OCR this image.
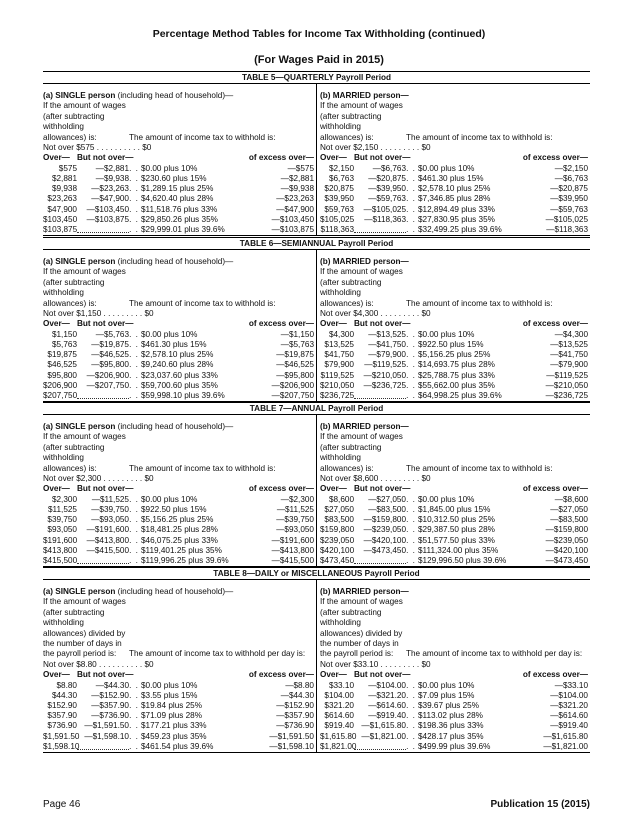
Percentage Method Tables for Income Tax Withholding (continued)
(For Wages Paid in 2015)
TABLE 5—QUARTERLY Payroll Period
(a) SINGLE person (including head of household)—
If the amount of wages (after subtracting withholding allowances) is:	The amount of income tax to withhold is:
Not over $575 . . . . . . . . . . $0
Over— But not over—	of excess over—
$575	—$2,881 . . $0.00 plus 10%	—$575
$2,881	—$9,938 . . $230.60 plus 15%	—$2,881
$9,938	—$23,263 . . $1,289.15 plus 25%	—$9,938
$23,263	—$47,900 . . $4,620.40 plus 28%	—$23,263
$47,900	—$103,450 . . $11,518.76 plus 33%	—$47,900
$103,450	—$103,875 . . $29,850.26 plus 35%	—$103,450
$103,875	. . $29,999.01 plus 39.6%	—$103,875
(b) MARRIED person—
If the amount of wages (after subtracting withholding allowances) is:	The amount of income tax to withhold is:
Not over $2,150 . . . . . . . . . $0
Over— But not over—	of excess over—
$2,150	—$6,763 . . $0.00 plus 10%	—$2,150
$6,763	—$20,875 . . $461.30 plus 15%	—$6,763
$20,875	—$39,950 . . $2,578.10 plus 25%	—$20,875
$39,950	—$59,763 . . $7,346.85 plus 28%	—$39,950
$59,763	—$105,025 . . $12,894.49 plus 33%	—$59,763
$105,025	—$118,363 . . $27,830.95 plus 35%	—$105,025
$118,363	. . $32,499.25 plus 39.6%	—$118,363
TABLE 6—SEMIANNUAL Payroll Period
(a) SINGLE person (including head of household)—
If the amount of wages (after subtracting withholding allowances) is:	The amount of income tax to withhold is:
Not over $1,150 . . . . . . . . . $0
Over— But not over—	of excess over—
$1,150	—$5,763 . . $0.00 plus 10%	—$1,150
$5,763	—$19,875 . . $461.30 plus 15%	—$5,763
$19,875	—$46,525 . . $2,578.10 plus 25%	—$19,875
$46,525	—$95,800 . . $9,240.60 plus 28%	—$46,525
$95,800	—$206,900 . . $23,037.60 plus 33%	—$95,800
$206,900	—$207,750 . . $59,700.60 plus 35%	—$206,900
$207,750	. . $59,998.10 plus 39.6%	—$207,750
(b) MARRIED person—
If the amount of wages (after subtracting withholding allowances) is:	The amount of income tax to withhold is:
Not over $4,300 . . . . . . . . . $0
Over— But not over—	of excess over—
$4,300	—$13,525 . . $0.00 plus 10%	—$4,300
$13,525	—$41,750 . . $922.50 plus 15%	—$13,525
$41,750	—$79,900 . . $5,156.25 plus 25%	—$41,750
$79,900	—$119,525 . . $14,693.75 plus 28%	—$79,900
$119,525	—$210,050 . . $25,788.75 plus 33%	—$119,525
$210,050	—$236,725 . . $55,662.00 plus 35%	—$210,050
$236,725	. . $64,998.25 plus 39.6%	—$236,725
TABLE 7—ANNUAL Payroll Period
(a) SINGLE person (including head of household)—
If the amount of wages (after subtracting withholding allowances) is:	The amount of income tax to withhold is:
Not over $2,300 . . . . . . . . . $0
Over— But not over—	of excess over—
$2,300	—$11,525 . . $0.00 plus 10%	—$2,300
$11,525	—$39,750 . . $922.50 plus 15%	—$11,525
$39,750	—$93,050 . . $5,156.25 plus 25%	—$39,750
$93,050	—$191,600 . . $18,481.25 plus 28%	—$93,050
$191,600	—$413,800 . . $46,075.25 plus 33%	—$191,600
$413,800	—$415,500 . . $119,401.25 plus 35%	—$413,800
$415,500	. . $119,996.25 plus 39.6%	—$415,500
(b) MARRIED person—
If the amount of wages (after subtracting withholding allowances) is:	The amount of income tax to withhold is:
Not over $8,600 . . . . . . . . . $0
Over— But not over—	of excess over—
$8,600	—$27,050 . . $0.00 plus 10%	—$8,600
$27,050	—$83,500 . . $1,845.00 plus 15%	—$27,050
$83,500	—$159,800 . . $10,312.50 plus 25%	—$83,500
$159,800	—$239,050 . . $29,387.50 plus 28%	—$159,800
$239,050	—$420,100 . . $51,577.50 plus 33%	—$239,050
$420,100	—$473,450 . . $111,324.00 plus 35%	—$420,100
$473,450	. . $129,996.50 plus 39.6%	—$473,450
TABLE 8—DAILY or MISCELLANEOUS Payroll Period
(a) SINGLE person (including head of household)—
If the amount of wages (after subtracting withholding allowances) divided by the number of days in the payroll period is:	The amount of income tax to withhold per day is:
Not over $8.80 . . . . . . . . . . $0
Over— But not over—	of excess over—
$8.80	—$44.30 . . $0.00 plus 10%	—$8.80
$44.30	—$152.90 . . $3.55 plus 15%	—$44.30
$152.90	—$357.90 . . $19.84 plus 25%	—$152.90
$357.90	—$736.90 . . $71.09 plus 28%	—$357.90
$736.90 —$1,591.50 . . $177.21 plus 33%	—$736.90
$1,591.50 —$1,598.10 . . $459.23 plus 35%	—$1,591.50
$1,598.10	. . $461.54 plus 39.6%	—$1,598.10
(b) MARRIED person—
If the amount of wages (after subtracting withholding allowances) divided by the number of days in the payroll period is:	The amount of income tax to withhold per day is:
Not over $33.10 . . . . . . . . . $0
Over— But not over—	of excess over—
$33.10	—$104.00 . . $0.00 plus 10%	—$33.10
$104.00	—$321.20 . . $7.09 plus 15%	—$104.00
$321.20	—$614.60 . . $39.67 plus 25%	—$321.20
$614.60	—$919.40 . . $113.02 plus 28%	—$614.60
$919.40 —$1,615.80 . . $198.36 plus 33%	—$919.40
$1,615.80 —$1,821.00 . . $428.17 plus 35%	—$1,615.80
$1,821.00	. . $499.99 plus 39.6%	—$1,821.00
Page 46	Publication 15 (2015)
